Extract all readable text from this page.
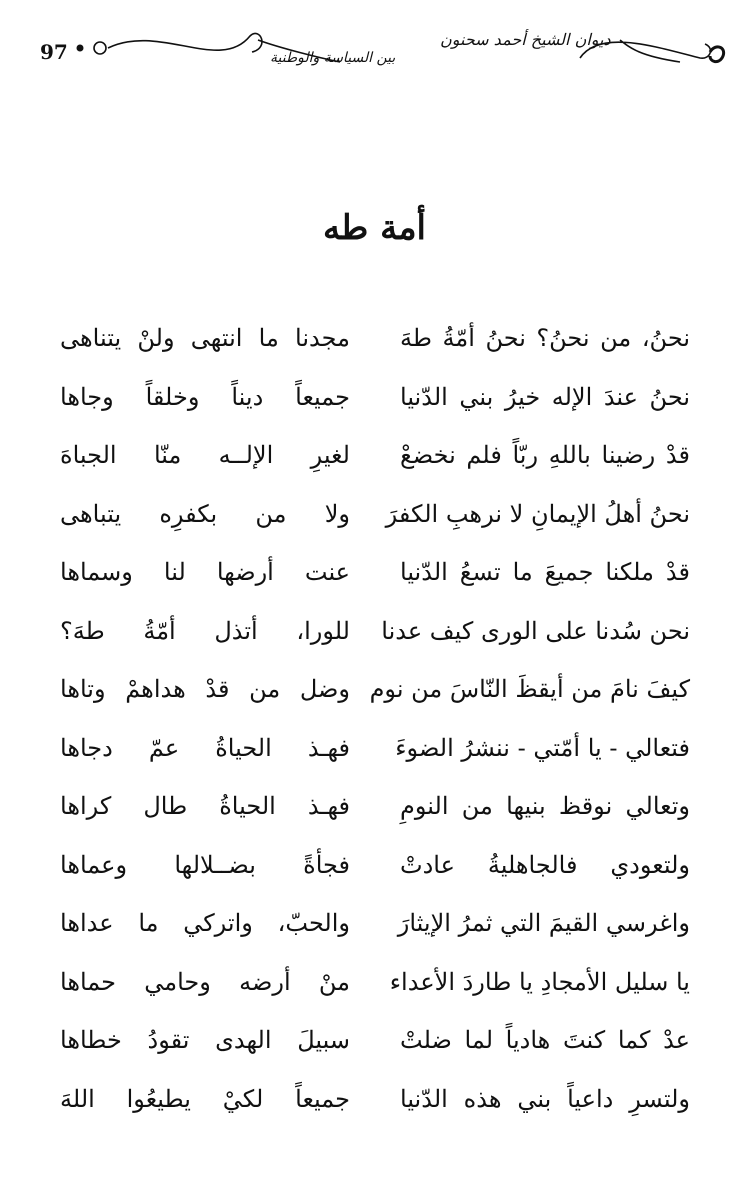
97
ديوان الشيخ أحمد سحنون
بين السياسة والوطنية
أمة طه
نحنُ، من نحنُ؟ نحنُ أمّةُ طهَ
مجدنا ما انتهى ولنْ يتناهى
نحنُ عندَ الإله خيرُ بني الدّنيا
جميعاً ديناً وخلقاً وجاها
قدْ رضينا باللهِ ربّاً فلم نخضعْ
لغيرِ الإلــه منّا الجباهَ
نحنُ أهلُ الإيمانِ لا نرهبِ الكفرَ
ولا من بكفرِه يتباهى
قدْ ملكنا جميعَ ما تسعُ الدّنيا
عنت أرضها لنا وسماها
نحن سُدنا على الورى كيف عدنا
للورا، أتذل أمّةُ طهَ؟
كيفَ نامَ من أيقظَ النّاسَ من نوم
وضل من قدْ هداهمْ وتاها
فتعالي - يا أمّتي - ننشرُ الضوءَ
فهـذ الحياةُ عمّ دجاها
وتعالي نوقظ بنيها من النومِ
فهـذ الحياةُ طال كراها
ولتعودي فالجاهليةُ عادتْ
فجأةً بضــلالها وعماها
واغرسي القيمَ التي ثمرُ الإيثارَ
والحبّ، واتركي ما عداها
يا سليل الأمجادِ يا طاردَ الأعداء
منْ أرضه وحامي حماها
عدْ كما كنتَ هادياً لما ضلتْ
سبيلَ الهدى تقودُ خطاها
ولتسرِ داعياً بني هذه الدّنيا
جميعاً لكيْ يطيعُوا اللهَ
